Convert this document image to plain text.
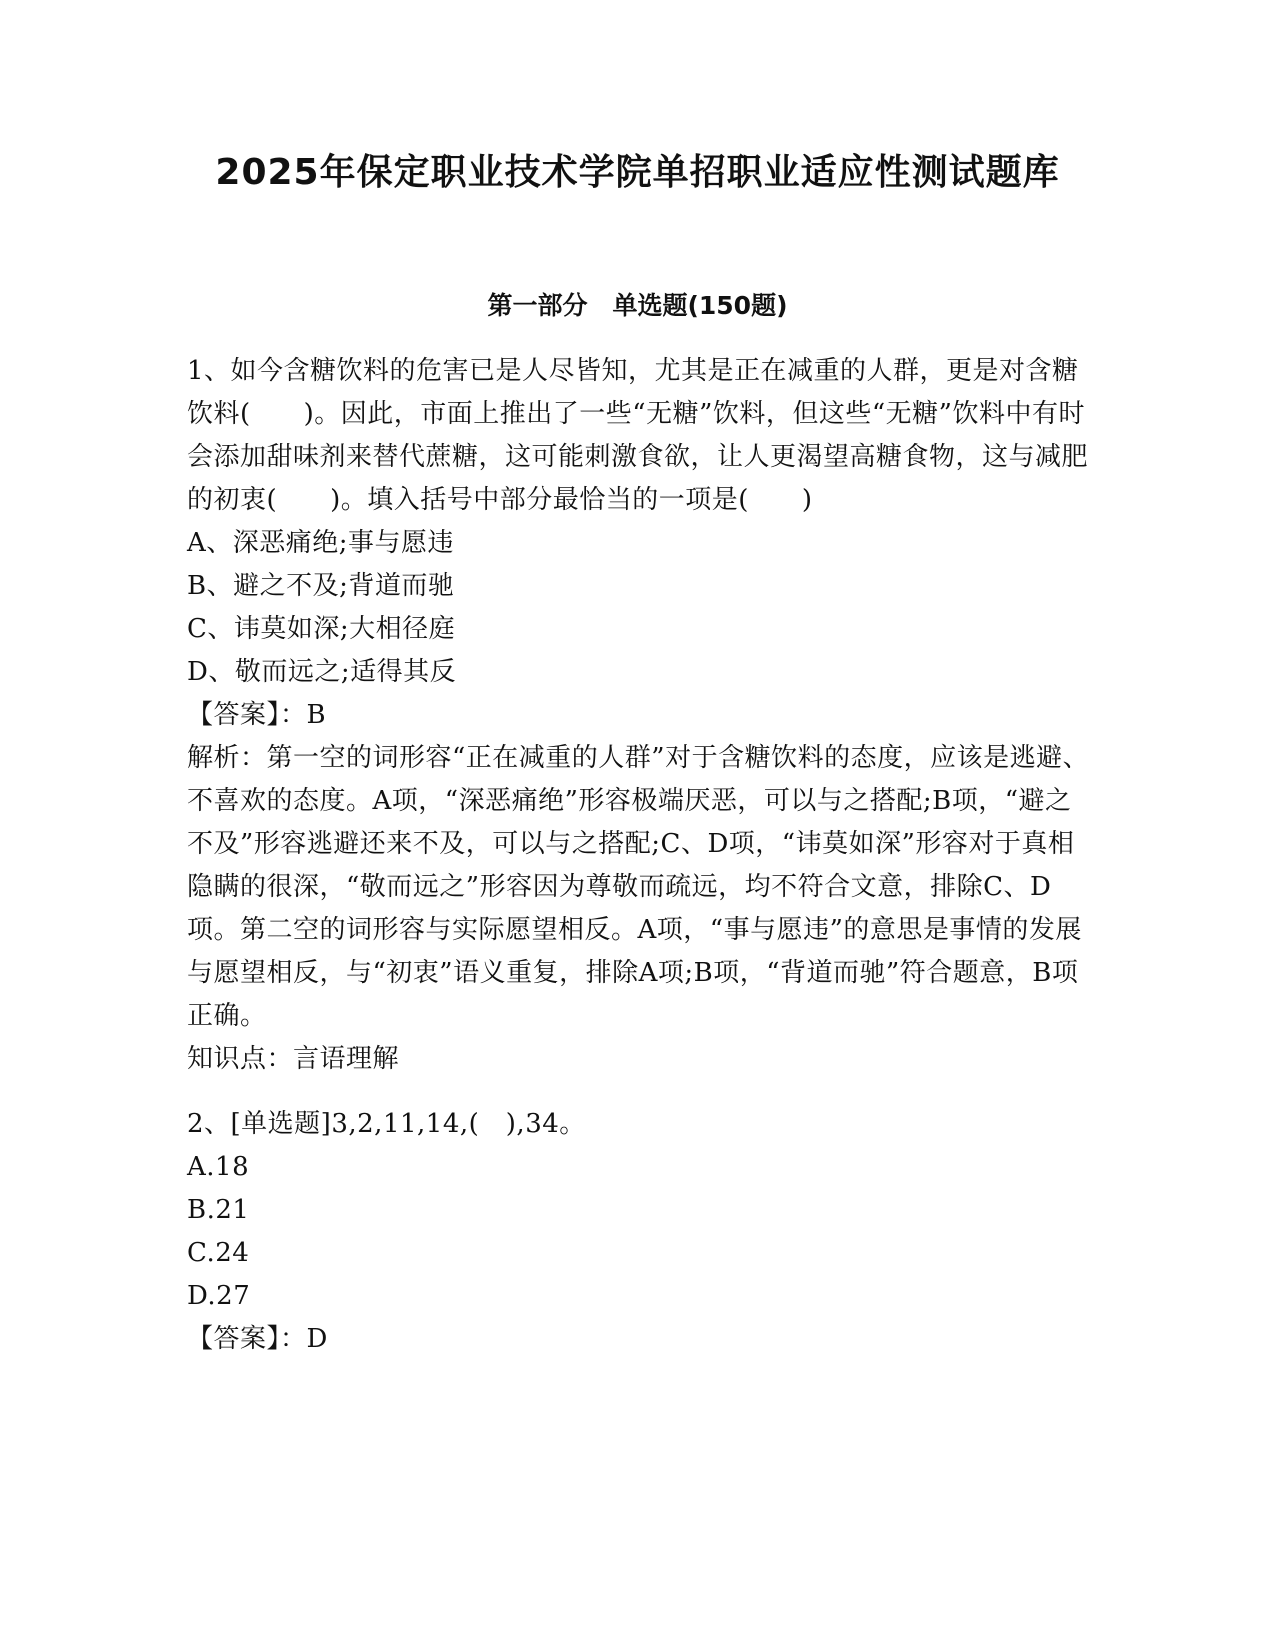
2025年保定职业技术学院单招职业适应性测试题库
第一部分　单选题(150题)

1、如今含糖饮料的危害已是人尽皆知，尤其是正在减重的人群，更是对含糖饮料(　　)。因此，市面上推出了一些“无糖”饮料，但这些“无糖”饮料中有时会添加甜味剂来替代蔗糖，这可能刺激食欲，让人更渴望高糖食物，这与减肥的初衷(　　)。填入括号中部分最恰当的一项是(　　)

A、深恶痛绝;事与愿违

B、避之不及;背道而驰

C、讳莫如深;大相径庭

D、敬而远之;适得其反

【答案】：B

解析：第一空的词形容“正在减重的人群”对于含糖饮料的态度，应该是逃避、不喜欢的态度。A项，“深恶痛绝”形容极端厌恶，可以与之搭配;B项，“避之不及”形容逃避还来不及，可以与之搭配;C、D项，“讳莫如深”形容对于真相隐瞒的很深，“敬而远之”形容因为尊敬而疏远，均不符合文意，排除C、D项。第二空的词形容与实际愿望相反。A项，“事与愿违”的意思是事情的发展与愿望相反，与“初衷”语义重复，排除A项;B项，“背道而驰”符合题意，B项正确。

知识点：言语理解

2、[单选题]3,2,11,14,(　),34。

A.18

B.21

C.24

D.27

【答案】：D
